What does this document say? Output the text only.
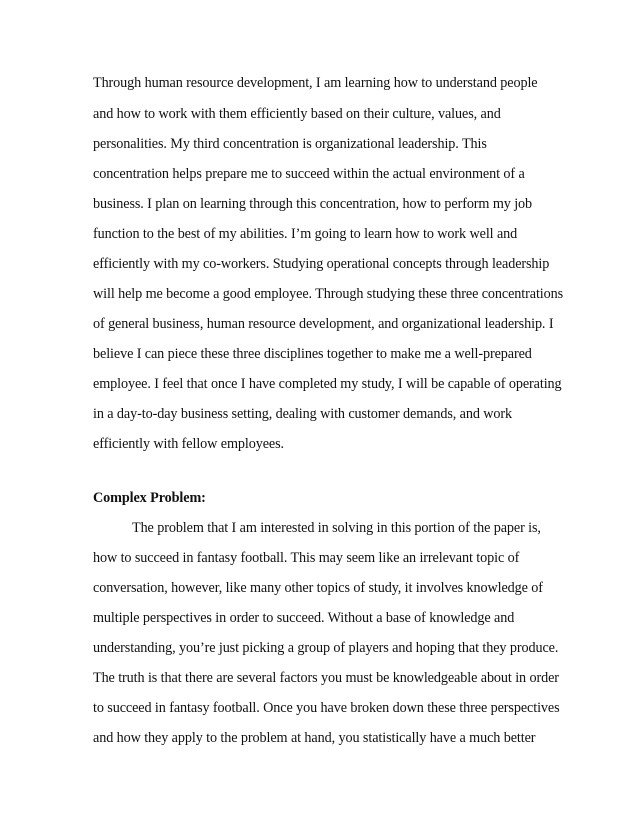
Through human resource development, I am learning how to understand people
and how to work with them efficiently based on their culture, values, and
personalities. My third concentration is organizational leadership. This
concentration helps prepare me to succeed within the actual environment of a
business. I plan on learning through this concentration, how to perform my job
function to the best of my abilities. I’m going to learn how to work well and
efficiently with my co-workers. Studying operational concepts through leadership
will help me become a good employee. Through studying these three concentrations
of general business, human resource development, and organizational leadership. I
believe I can piece these three disciplines together to make me a well-prepared
employee. I feel that once I have completed my study, I will be capable of operating
in a day-to-day business setting, dealing with customer demands, and work
efficiently with fellow employees.
Complex Problem:
The problem that I am interested in solving in this portion of the paper is,
how to succeed in fantasy football. This may seem like an irrelevant topic of
conversation, however, like many other topics of study, it involves knowledge of
multiple perspectives in order to succeed. Without a base of knowledge and
understanding, you’re just picking a group of players and hoping that they produce.
The truth is that there are several factors you must be knowledgeable about in order
to succeed in fantasy football. Once you have broken down these three perspectives
and how they apply to the problem at hand, you statistically have a much better
